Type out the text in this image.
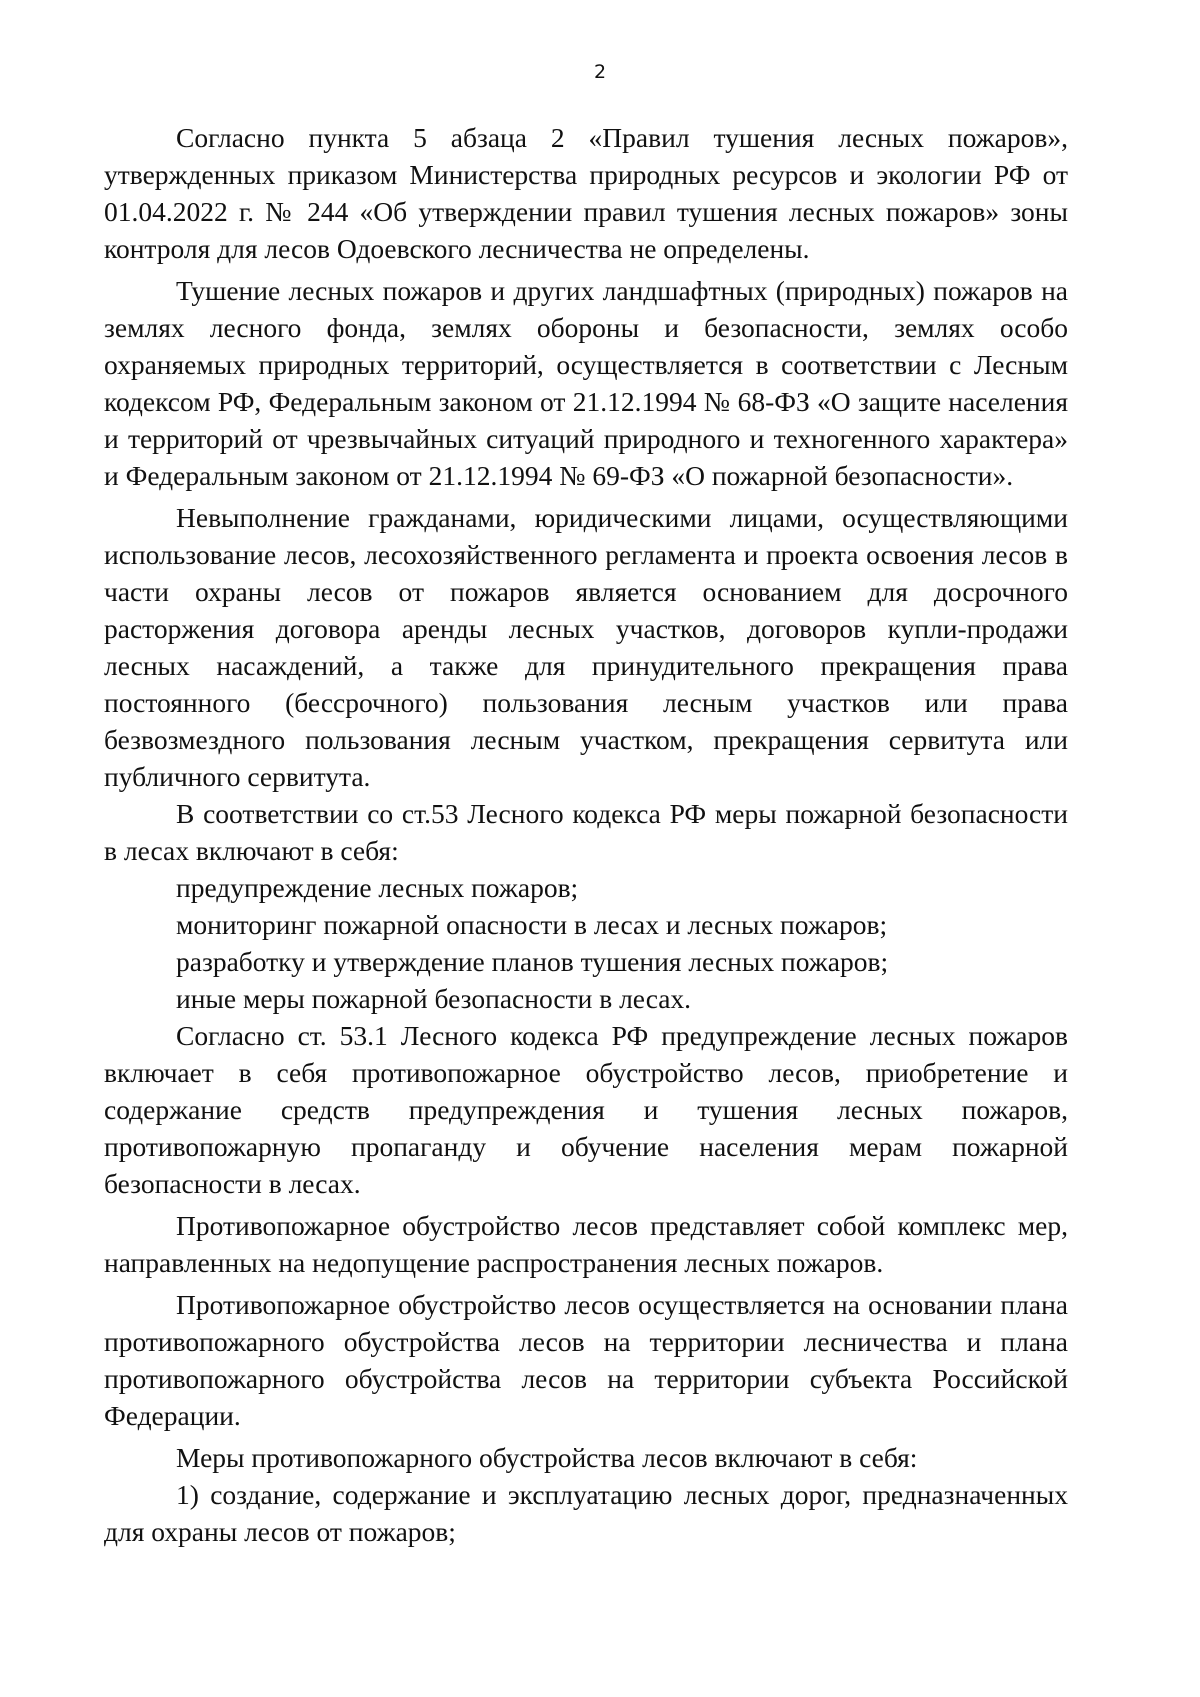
2

Согласно пункта 5 абзаца 2 «Правил тушения лесных пожаров», утвержденных приказом Министерства природных ресурсов и экологии РФ от 01.04.2022 г. № 244 «Об утверждении правил тушения лесных пожаров» зоны контроля для лесов Одоевского лесничества не определены.

Тушение лесных пожаров и других ландшафтных (природных) пожаров на землях лесного фонда, землях обороны и безопасности, землях особо охраняемых природных территорий, осуществляется в соответствии с Лесным кодексом РФ, Федеральным законом от 21.12.1994 № 68-ФЗ «О защите населения и территорий от чрезвычайных ситуаций природного и техногенного характера» и Федеральным законом от 21.12.1994 № 69-ФЗ «О пожарной безопасности».

Невыполнение гражданами, юридическими лицами, осуществляющими использование лесов, лесохозяйственного регламента и проекта освоения лесов в части охраны лесов от пожаров является основанием для досрочного расторжения договора аренды лесных участков, договоров купли-продажи лесных насаждений, а также для принудительного прекращения права постоянного (бессрочного) пользования лесным участков или права безвозмездного пользования лесным участком, прекращения сервитута или публичного сервитута.

В соответствии со ст.53 Лесного кодекса РФ меры пожарной безопасности в лесах включают в себя:

предупреждение лесных пожаров;

мониторинг пожарной опасности в лесах и лесных пожаров;

разработку и утверждение планов тушения лесных пожаров;

иные меры пожарной безопасности в лесах.

Согласно ст. 53.1 Лесного кодекса РФ предупреждение лесных пожаров включает в себя противопожарное обустройство лесов, приобретение и содержание средств предупреждения и тушения лесных пожаров, противопожарную пропаганду и обучение населения мерам пожарной безопасности в лесах.

Противопожарное обустройство лесов представляет собой комплекс мер, направленных на недопущение распространения лесных пожаров.

Противопожарное обустройство лесов осуществляется на основании плана противопожарного обустройства лесов на территории лесничества и плана противопожарного обустройства лесов на территории субъекта Российской Федерации.

Меры противопожарного обустройства лесов включают в себя:

1) создание, содержание и эксплуатацию лесных дорог, предназначенных для охраны лесов от пожаров;
